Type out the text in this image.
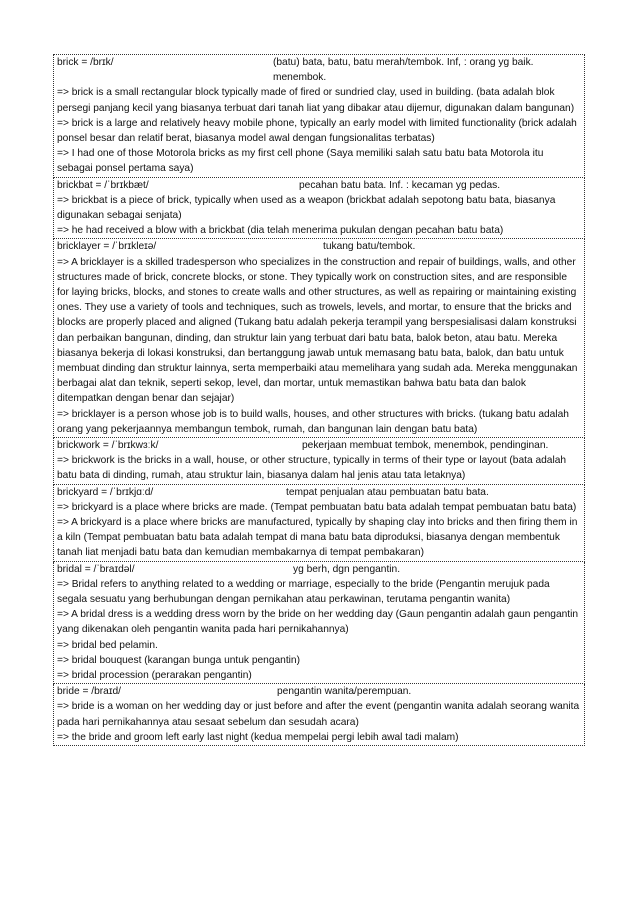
brick = /brɪk/	(batu) bata, batu, batu merah/tembok. Inf, : orang yg baik. menembok.

=> brick is a small rectangular block typically made of fired or sundried clay, used in building. (bata adalah blok persegi panjang kecil yang biasanya terbuat dari tanah liat yang dibakar atau dijemur, digunakan dalam bangunan)

=> brick is a large and relatively heavy mobile phone, typically an early model with limited functionality (brick adalah ponsel besar dan relatif berat, biasanya model awal dengan fungsionalitas terbatas)

=> I had one of those Motorola bricks as my first cell phone (Saya memiliki salah satu batu bata Motorola itu sebagai ponsel pertama saya)

brickbat = /ˈbrɪkbæt/	pecahan batu bata. Inf. : kecaman yg pedas.

=> brickbat is a piece of brick, typically when used as a weapon (brickbat adalah sepotong batu bata, biasanya digunakan sebagai senjata)

=> he had received a blow with a brickbat (dia telah menerima pukulan dengan pecahan batu bata)

bricklayer = /ˈbrɪkleɪə/	tukang batu/tembok.

=> A bricklayer is a skilled tradesperson who specializes in the construction and repair of buildings, walls, and other structures made of brick, concrete blocks, or stone. They typically work on construction sites, and are responsible for laying bricks, blocks, and stones to create walls and other structures, as well as repairing or maintaining existing ones. They use a variety of tools and techniques, such as trowels, levels, and mortar, to ensure that the bricks and blocks are properly placed and aligned (Tukang batu adalah pekerja terampil yang berspesialisasi dalam konstruksi dan perbaikan bangunan, dinding, dan struktur lain yang terbuat dari batu bata, balok beton, atau batu. Mereka biasanya bekerja di lokasi konstruksi, dan bertanggung jawab untuk memasang batu bata, balok, dan batu untuk membuat dinding dan struktur lainnya, serta memperbaiki atau memelihara yang sudah ada. Mereka menggunakan berbagai alat dan teknik, seperti sekop, level, dan mortar, untuk memastikan bahwa batu bata dan balok ditempatkan dengan benar dan sejajar)

=> bricklayer is a person whose job is to build walls, houses, and other structures with bricks. (tukang batu adalah orang yang pekerjaannya membangun tembok, rumah, dan bangunan lain dengan batu bata)

brickwork = /ˈbrɪkwɜːk/	pekerjaan membuat tembok, menembok, pendinginan.

=> brickwork is the bricks in a wall, house, or other structure, typically in terms of their type or layout (bata adalah batu bata di dinding, rumah, atau struktur lain, biasanya dalam hal jenis atau tata letaknya)

brickyard = /ˈbrɪkjɑːd/	tempat penjualan atau pembuatan batu bata.

=> brickyard is a place where bricks are made. (Tempat pembuatan batu bata adalah tempat pembuatan batu bata)

=> A brickyard is a place where bricks are manufactured, typically by shaping clay into bricks and then firing them in a kiln (Tempat pembuatan batu bata adalah tempat di mana batu bata diproduksi, biasanya dengan membentuk tanah liat menjadi batu bata dan kemudian membakarnya di tempat pembakaran)

bridal = /ˈbraɪdəl/	yg berh, dgn pengantin.

=> Bridal refers to anything related to a wedding or marriage, especially to the bride (Pengantin merujuk pada segala sesuatu yang berhubungan dengan pernikahan atau perkawinan, terutama pengantin wanita)

=> A bridal dress is a wedding dress worn by the bride on her wedding day (Gaun pengantin adalah gaun pengantin yang dikenakan oleh pengantin wanita pada hari pernikahannya)

=> bridal bed pelamin.

=> bridal bouquest (karangan bunga untuk pengantin)

=> bridal procession (perarakan pengantin)

bride = /braɪd/	pengantin wanita/perempuan.

=> bride is a woman on her wedding day or just before and after the event (pengantin wanita adalah seorang wanita pada hari pernikahannya atau sesaat sebelum dan sesudah acara)

=> the bride and groom left early last night (kedua mempelai pergi lebih awal tadi malam)
